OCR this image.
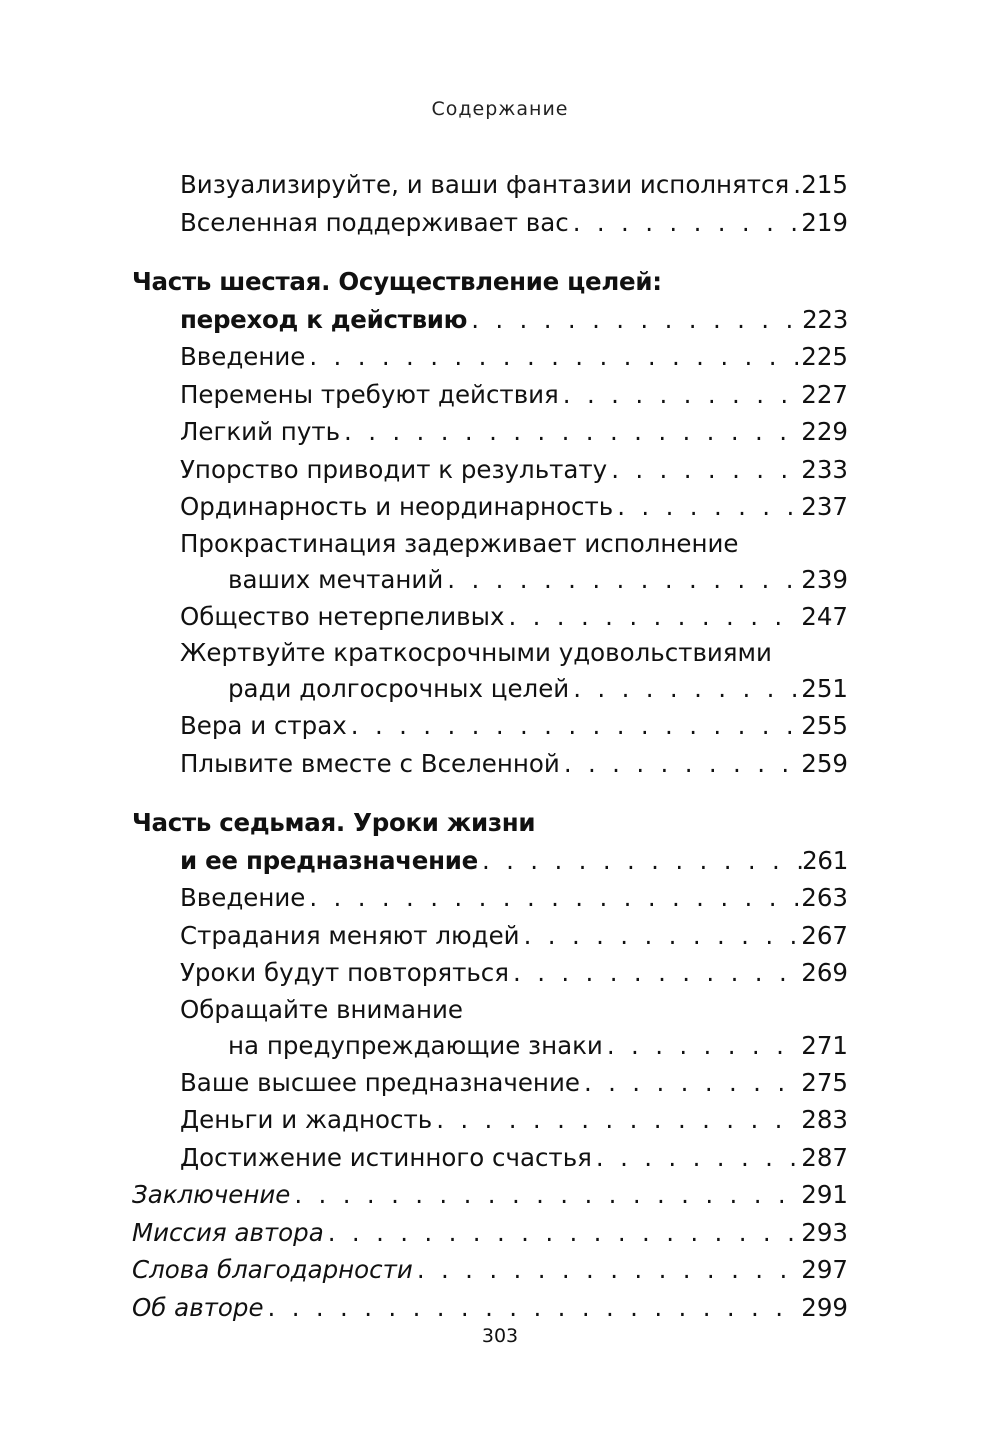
Содержание
Визуализируйте, и ваши фантазии исполнятся . . . 215
Вселенная поддерживает вас . . .	219
Часть шестая. Осуществление целей:
переход к действию . . .	223
Введение . . .	225
Перемены требуют действия . . .	227
Легкий путь . . .	229
Упорство приводит к результату . . .	233
Ординарность и неординарность . . .	237
Прокрастинация задерживает исполнение
ваших мечтаний . . .	239
Общество нетерпеливых . . .	247
Жертвуйте краткосрочными удовольствиями
ради долгосрочных целей . . .	251
Вера и страх . . .	255
Плывите вместе с Вселенной . . .	259
Часть седьмая. Уроки жизни
и ее предназначение . . .	261
Введение . . .	263
Страдания меняют людей . . .	267
Уроки будут повторяться . . .	269
Обращайте внимание
на предупреждающие знаки . . .	271
Ваше высшее предназначение . . .	275
Деньги и жадность . . .	283
Достижение истинного счастья . . .	287
Заключение . . .	291
Миссия автора . . .	293
Слова благодарности . . .	297
Об авторе . . .	299
303
